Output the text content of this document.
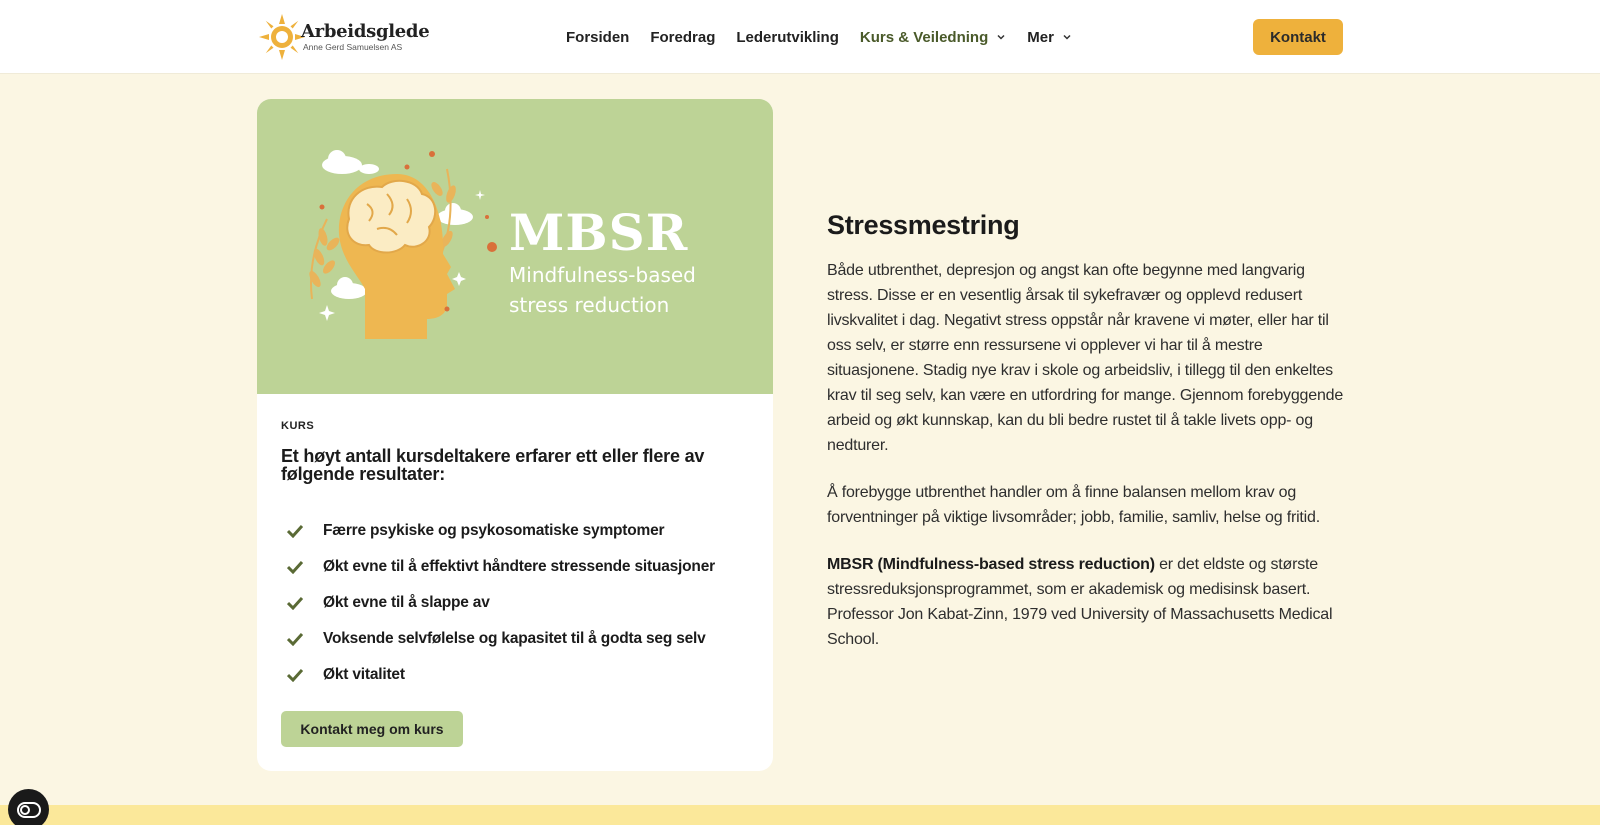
Arbeidsglede
Anne Gerd Samuelsen AS
Forsiden Foredrag Lederutvikling Kurs & Veiledning	Mer	Kontakt
MBSR
Mindfulness-based
stress reduction
KURS
Et høyt antall kursdeltakere erfarer ett eller flere av følgende resultater:
Færre psykiske og psykosomatiske symptomer
Økt evne til å effektivt håndtere stressende situasjoner
Økt evne til å slappe av
Voksende selvfølelse og kapasitet til å godta seg selv
Økt vitalitet
Kontakt meg om kurs
Stressmestring

Både utbrenthet, depresjon og angst kan ofte begynne med langvarig stress. Disse er en vesentlig årsak til sykefravær og opplevd redusert livskvalitet i dag. Negativt stress oppstår når kravene vi møter, eller har til oss selv, er større enn ressursene vi opplever vi har til å mestre situasjonene. Stadig nye krav i skole og arbeidsliv, i tillegg til den enkeltes krav til seg selv, kan være en utfordring for mange. Gjennom forebyggende arbeid og økt kunnskap, kan du bli bedre rustet til å takle livets opp- og nedturer.

Å forebygge utbrenthet handler om å finne balansen mellom krav og forventninger på viktige livsområder; jobb, familie, samliv, helse og fritid.

MBSR (Mindfulness-based stress reduction) er det eldste og største stressreduksjonsprogrammet, som er akademisk og medisinsk basert. Professor Jon Kabat-Zinn, 1979 ved University of Massachusetts Medical School.
